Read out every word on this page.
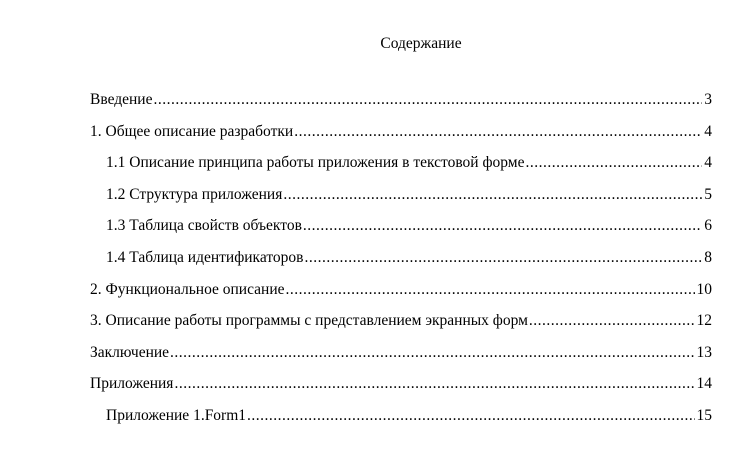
Содержание
Введение .....	3
1. Общее описание разработки .....	4
1.1 Описание принципа работы приложения в текстовой форме .....	4
1.2 Структура приложения .....	5
1.3 Таблица свойств объектов .....	6
1.4 Таблица идентификаторов .....	8
2. Функциональное описание .....	10
3. Описание работы программы с представлением экранных форм .....	12
Заключение .....	13
Приложения .....	14
Приложение 1.Form1 .....	15
